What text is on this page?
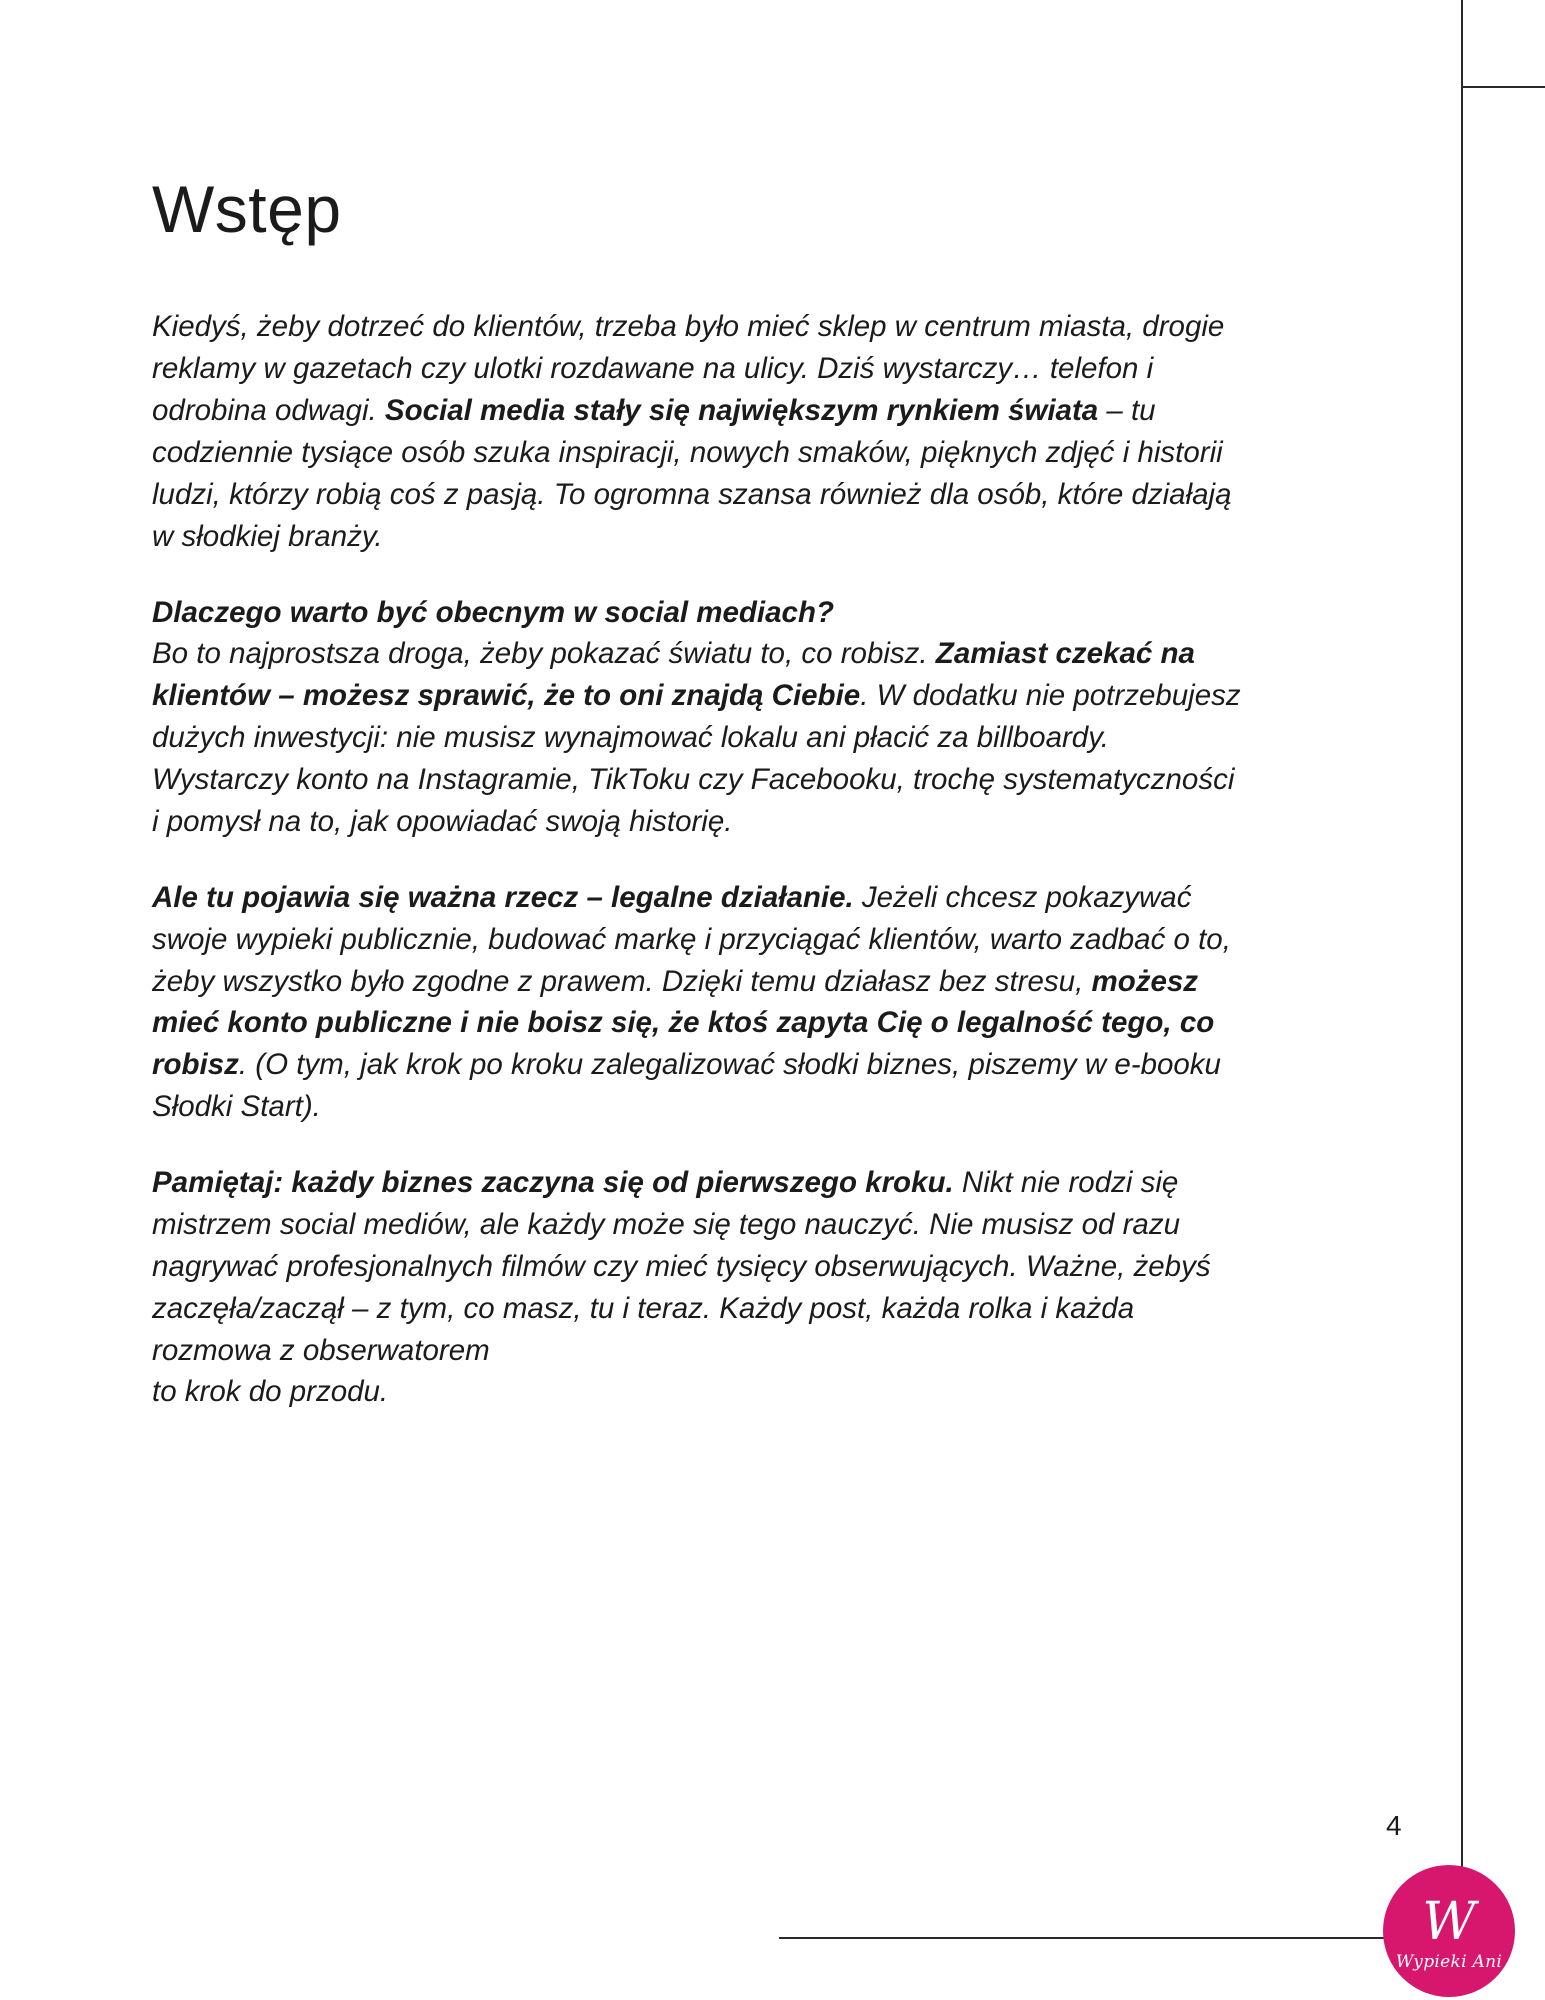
Wstęp

Kiedyś, żeby dotrzeć do klientów, trzeba było mieć sklep w centrum miasta, drogie reklamy w gazetach czy ulotki rozdawane na ulicy. Dziś wystarczy… telefon i odrobina odwagi. Social media stały się największym rynkiem świata – tu codziennie tysiące osób szuka inspiracji, nowych smaków, pięknych zdjęć i historii ludzi, którzy robią coś z pasją. To ogromna szansa również dla osób, które działają w słodkiej branży.

Dlaczego warto być obecnym w social mediach?
Bo to najprostsza droga, żeby pokazać światu to, co robisz. Zamiast czekać na klientów – możesz sprawić, że to oni znajdą Ciebie. W dodatku nie potrzebujesz dużych inwestycji: nie musisz wynajmować lokalu ani płacić za billboardy. Wystarczy konto na Instagramie, TikToku czy Facebooku, trochę systematyczności i pomysł na to, jak opowiadać swoją historię.

Ale tu pojawia się ważna rzecz – legalne działanie. Jeżeli chcesz pokazywać swoje wypieki publicznie, budować markę i przyciągać klientów, warto zadbać o to, żeby wszystko było zgodne z prawem. Dzięki temu działasz bez stresu, możesz mieć konto publiczne i nie boisz się, że ktoś zapyta Cię o legalność tego, co robisz. (O tym, jak krok po kroku zalegalizować słodki biznes, piszemy w e-booku Słodki Start).

Pamiętaj: każdy biznes zaczyna się od pierwszego kroku. Nikt nie rodzi się mistrzem social mediów, ale każdy może się tego nauczyć. Nie musisz od razu nagrywać profesjonalnych filmów czy mieć tysięcy obserwujących. Ważne, żebyś zaczęła/zaczął – z tym, co masz, tu i teraz. Każdy post, każda rolka i każda rozmowa z obserwatorem
to krok do przodu.

4
W
Wypieki Ani
